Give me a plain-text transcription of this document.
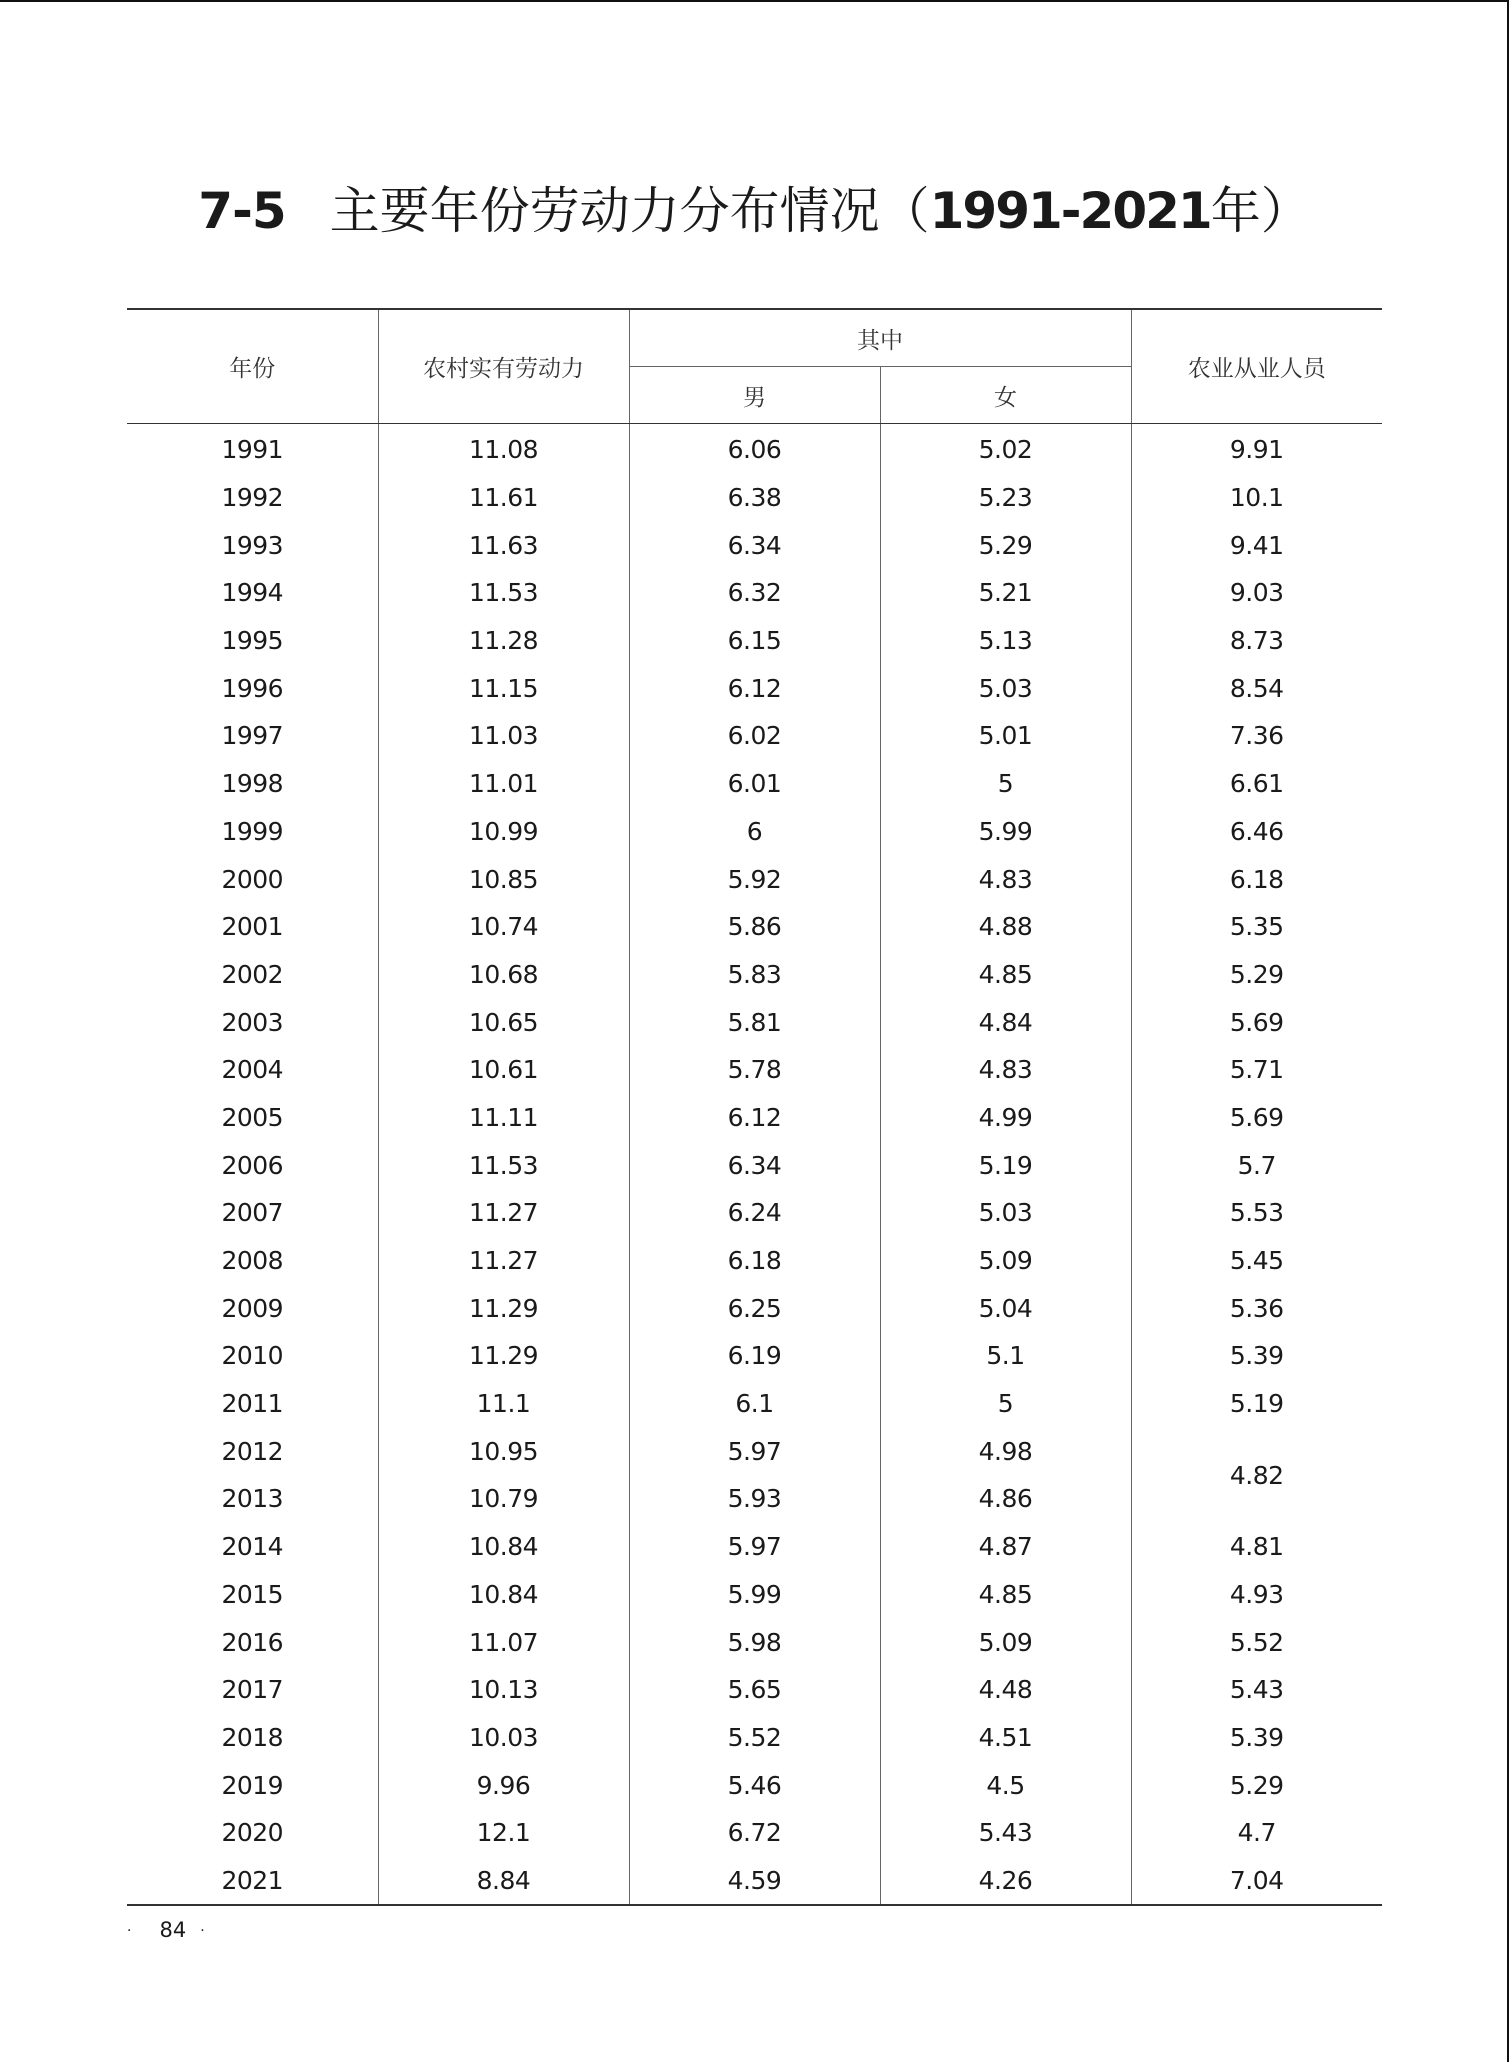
7-5 主要年份劳动力分布情况（1991-2021年）
年份	农村实有劳动力	其中		农业从业人员
		男	女	
1991	11.08	6.06	5.02	9.91
1992	11.61	6.38	5.23	10.1
1993	11.63	6.34	5.29	9.41
1994	11.53	6.32	5.21	9.03
1995	11.28	6.15	5.13	8.73
1996	11.15	6.12	5.03	8.54
1997	11.03	6.02	5.01	7.36
1998	11.01	6.01	5	6.61
1999	10.99	6	5.99	6.46
2000	10.85	5.92	4.83	6.18
2001	10.74	5.86	4.88	5.35
2002	10.68	5.83	4.85	5.29
2003	10.65	5.81	4.84	5.69
2004	10.61	5.78	4.83	5.71
2005	11.11	6.12	4.99	5.69
2006	11.53	6.34	5.19	5.7
2007	11.27	6.24	5.03	5.53
2008	11.27	6.18	5.09	5.45
2009	11.29	6.25	5.04	5.36
2010	11.29	6.19	5.1	5.39
2011	11.1	6.1	5	5.19
2012	10.95	5.97	4.98	4.82
2013	10.79	5.93	4.86	
2014	10.84	5.97	4.87	4.81
2015	10.84	5.99	4.85	4.93
2016	11.07	5.98	5.09	5.52
2017	10.13	5.65	4.48	5.43
2018	10.03	5.52	4.51	5.39
2019	9.96	5.46	4.5	5.29
2020	12.1	6.72	5.43	4.7
2021	8.84	4.59	4.26	7.04
· 84 ·
